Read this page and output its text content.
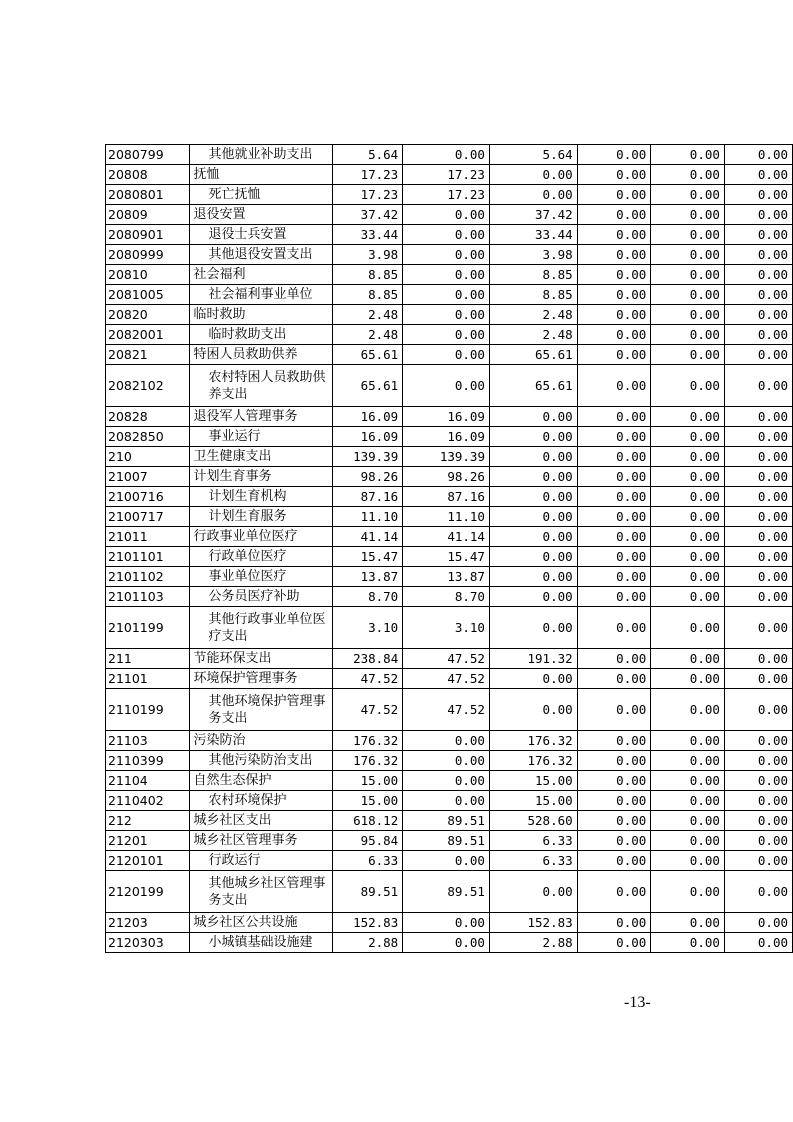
2080799	其他就业补助支出	5.64	0.00	5.64	0.00	0.00	0.00
20808	抚恤	17.23	17.23	0.00	0.00	0.00	0.00
2080801	死亡抚恤	17.23	17.23	0.00	0.00	0.00	0.00
20809	退役安置	37.42	0.00	37.42	0.00	0.00	0.00
2080901	退役士兵安置	33.44	0.00	33.44	0.00	0.00	0.00
2080999	其他退役安置支出	3.98	0.00	3.98	0.00	0.00	0.00
20810	社会福利	8.85	0.00	8.85	0.00	0.00	0.00
2081005	社会福利事业单位	8.85	0.00	8.85	0.00	0.00	0.00
20820	临时救助	2.48	0.00	2.48	0.00	0.00	0.00
2082001	临时救助支出	2.48	0.00	2.48	0.00	0.00	0.00
20821	特困人员救助供养	65.61	0.00	65.61	0.00	0.00	0.00
2082102	农村特困人员救助供养支出	65.61	0.00	65.61	0.00	0.00	0.00
20828	退役军人管理事务	16.09	16.09	0.00	0.00	0.00	0.00
2082850	事业运行	16.09	16.09	0.00	0.00	0.00	0.00
210	卫生健康支出	139.39	139.39	0.00	0.00	0.00	0.00
21007	计划生育事务	98.26	98.26	0.00	0.00	0.00	0.00
2100716	计划生育机构	87.16	87.16	0.00	0.00	0.00	0.00
2100717	计划生育服务	11.10	11.10	0.00	0.00	0.00	0.00
21011	行政事业单位医疗	41.14	41.14	0.00	0.00	0.00	0.00
2101101	行政单位医疗	15.47	15.47	0.00	0.00	0.00	0.00
2101102	事业单位医疗	13.87	13.87	0.00	0.00	0.00	0.00
2101103	公务员医疗补助	8.70	8.70	0.00	0.00	0.00	0.00
2101199	其他行政事业单位医疗支出	3.10	3.10	0.00	0.00	0.00	0.00
211	节能环保支出	238.84	47.52	191.32	0.00	0.00	0.00
21101	环境保护管理事务	47.52	47.52	0.00	0.00	0.00	0.00
2110199	其他环境保护管理事务支出	47.52	47.52	0.00	0.00	0.00	0.00
21103	污染防治	176.32	0.00	176.32	0.00	0.00	0.00
2110399	其他污染防治支出	176.32	0.00	176.32	0.00	0.00	0.00
21104	自然生态保护	15.00	0.00	15.00	0.00	0.00	0.00
2110402	农村环境保护	15.00	0.00	15.00	0.00	0.00	0.00
212	城乡社区支出	618.12	89.51	528.60	0.00	0.00	0.00
21201	城乡社区管理事务	95.84	89.51	6.33	0.00	0.00	0.00
2120101	行政运行	6.33	0.00	6.33	0.00	0.00	0.00
2120199	其他城乡社区管理事务支出	89.51	89.51	0.00	0.00	0.00	0.00
21203	城乡社区公共设施	152.83	0.00	152.83	0.00	0.00	0.00
2120303	小城镇基础设施建	2.88	0.00	2.88	0.00	0.00	0.00
-13-
